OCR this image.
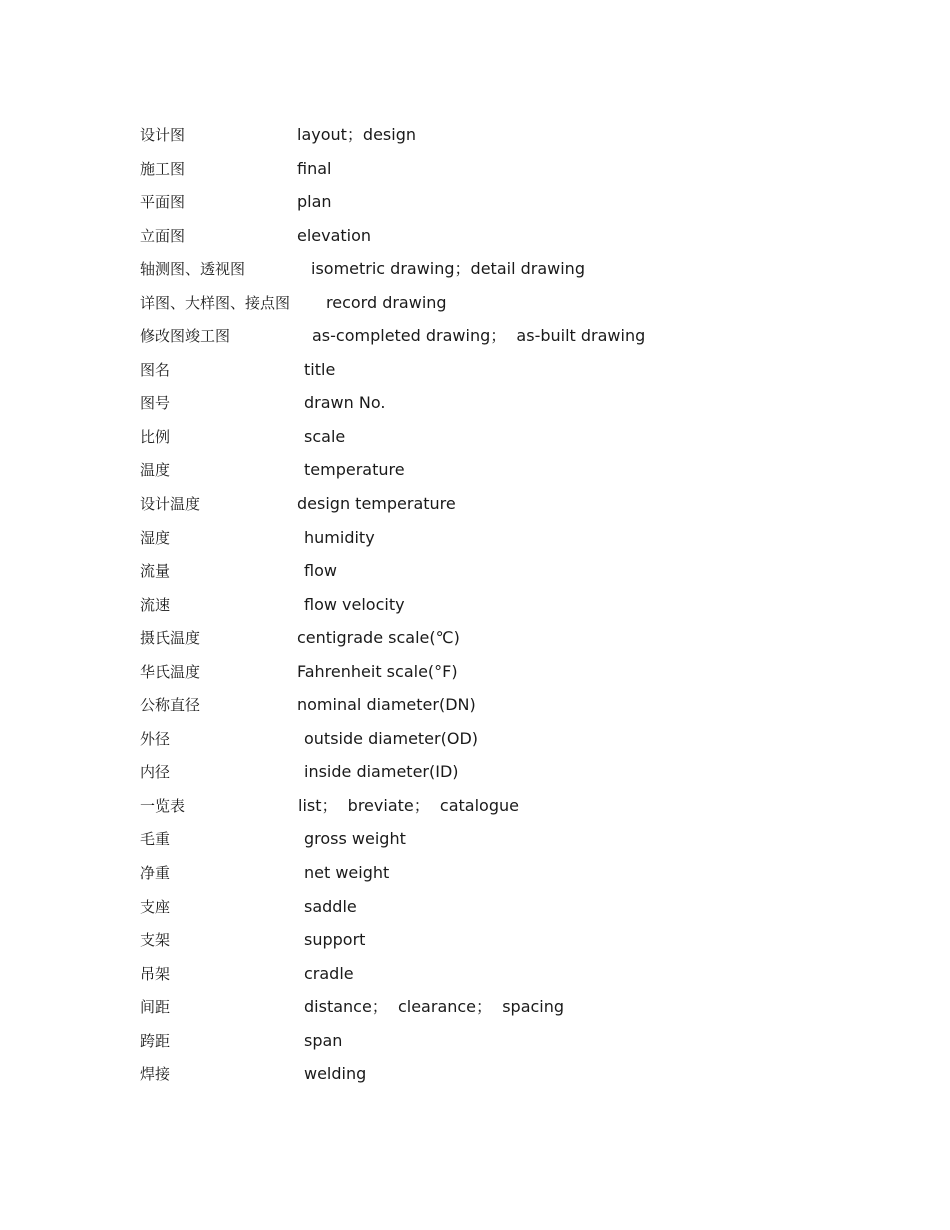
设计图	layout；design
施工图	final
平面图	plan
立面图	elevation
轴测图、透视图	isometric drawing；detail drawing
详图、大样图、接点图 record drawing
修改图竣工图	as-completed drawing；  as-built drawing
图名	title
图号	drawn No.
比例	scale
温度	temperature
设计温度	design temperature
湿度	humidity
流量	flow
流速	flow velocity
摄氏温度	centigrade scale(℃)
华氏温度	Fahrenheit scale(°F)
公称直径	nominal diameter(DN)
外径	outside diameter(OD)
内径	inside diameter(ID)
一览表	list；  breviate；  catalogue
毛重	gross weight
净重	net weight
支座	saddle
支架	support
吊架	cradle
间距	distance；  clearance；  spacing
跨距	span
焊接	welding
